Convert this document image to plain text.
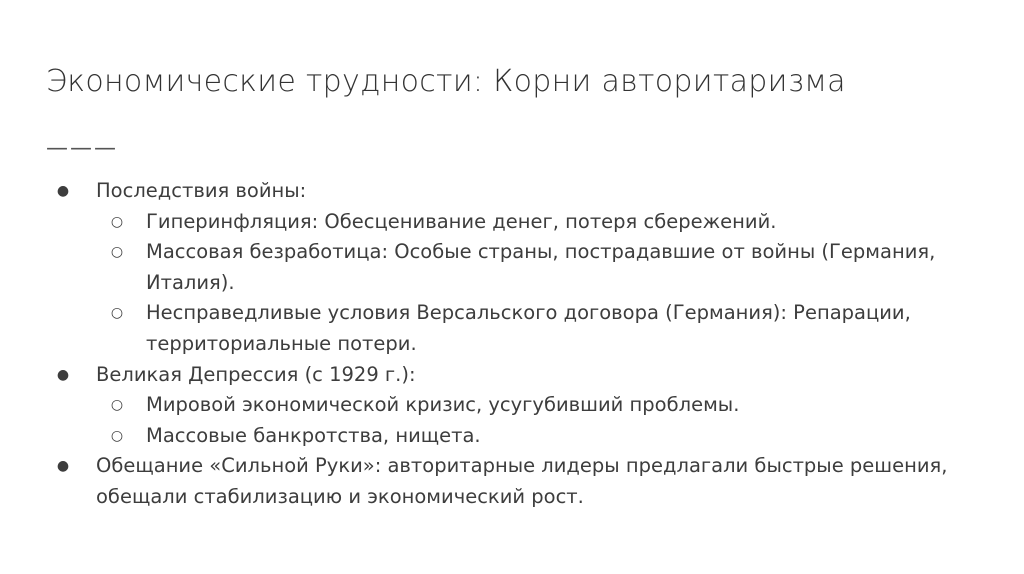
Экономические трудности: Корни авторитаризма
———
● Последствия войны:
○ Гиперинфляция: Обесценивание денег, потеря сбережений.
○ Массовая безработица: Особые страны, пострадавшие от войны (Германия, Италия).
○ Несправедливые условия Версальского договора (Германия): Репарации, территориальные потери.
● Великая Депрессия (с 1929 г.):
○ Мировой экономической кризис, усугубивший проблемы.
○ Массовые банкротства, нищета.
● Обещание «Сильной Руки»: авторитарные лидеры предлагали быстрые решения, обещали стабилизацию и экономический рост.
